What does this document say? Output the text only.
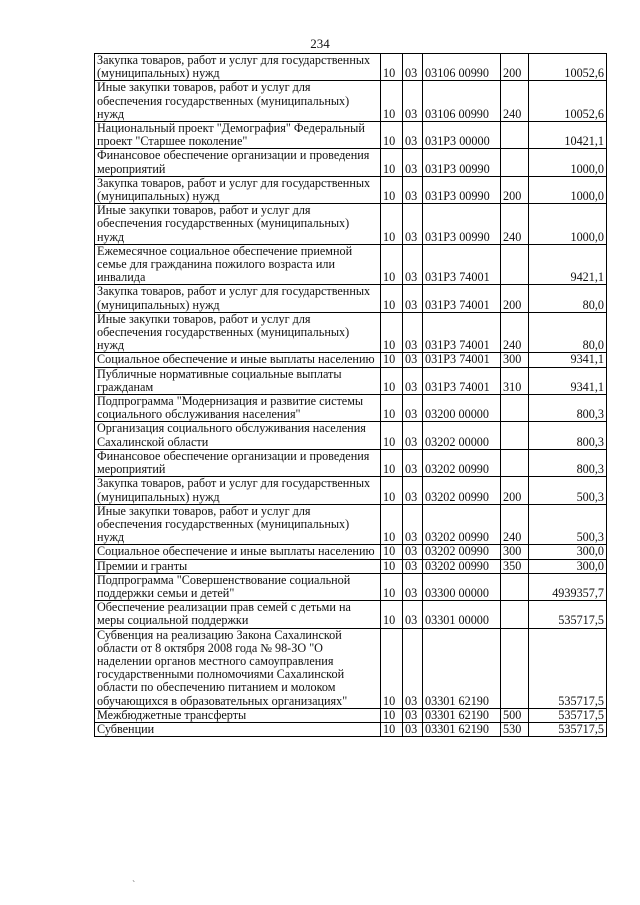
234
Закупка товаров, работ и услуг для государственных (муниципальных) нужд	10	03	03106 00990	200	10052,6
Иные закупки товаров, работ и услуг для обеспечения государственных (муниципальных) нужд	10	03	03106 00990	240	10052,6
Национальный проект "Демография" Федеральный проект "Старшее поколение"	10	03	031P3 00000		10421,1
Финансовое обеспечение организации и проведения мероприятий	10	03	031P3 00990		1000,0
Закупка товаров, работ и услуг для государственных (муниципальных) нужд	10	03	031P3 00990	200	1000,0
Иные закупки товаров, работ и услуг для обеспечения государственных (муниципальных) нужд	10	03	031P3 00990	240	1000,0
Ежемесячное социальное обеспечение приемной семье для гражданина пожилого возраста или инвалида	10	03	031P3 74001		9421,1
Закупка товаров, работ и услуг для государственных (муниципальных) нужд	10	03	031P3 74001	200	80,0
Иные закупки товаров, работ и услуг для обеспечения государственных (муниципальных) нужд	10	03	031P3 74001	240	80,0
Социальное обеспечение и иные выплаты населению	10	03	031P3 74001	300	9341,1
Публичные нормативные социальные выплаты гражданам	10	03	031P3 74001	310	9341,1
Подпрограмма "Модернизация и развитие системы социального обслуживания населения"	10	03	03200 00000		800,3
Организация социального обслуживания населения Сахалинской области	10	03	03202 00000		800,3
Финансовое обеспечение организации и проведения мероприятий	10	03	03202 00990		800,3
Закупка товаров, работ и услуг для государственных (муниципальных) нужд	10	03	03202 00990	200	500,3
Иные закупки товаров, работ и услуг для обеспечения государственных (муниципальных) нужд	10	03	03202 00990	240	500,3
Социальное обеспечение и иные выплаты населению	10	03	03202 00990	300	300,0
Премии и гранты	10	03	03202 00990	350	300,0
Подпрограмма "Совершенствование социальной поддержки семьи и детей"	10	03	03300 00000		4939357,7
Обеспечение реализации прав семей с детьми на меры социальной поддержки	10	03	03301 00000		535717,5
Субвенция на реализацию Закона Сахалинской области от 8 октября 2008 года № 98-ЗО "О наделении органов местного самоуправления государственными полномочиями Сахалинской области по обеспечению питанием и молоком обучающихся в образовательных организациях"	10	03	03301 62190		535717,5
Межбюджетные трансферты	10	03	03301 62190	500	535717,5
Субвенции	10	03	03301 62190	530	535717,5
`
